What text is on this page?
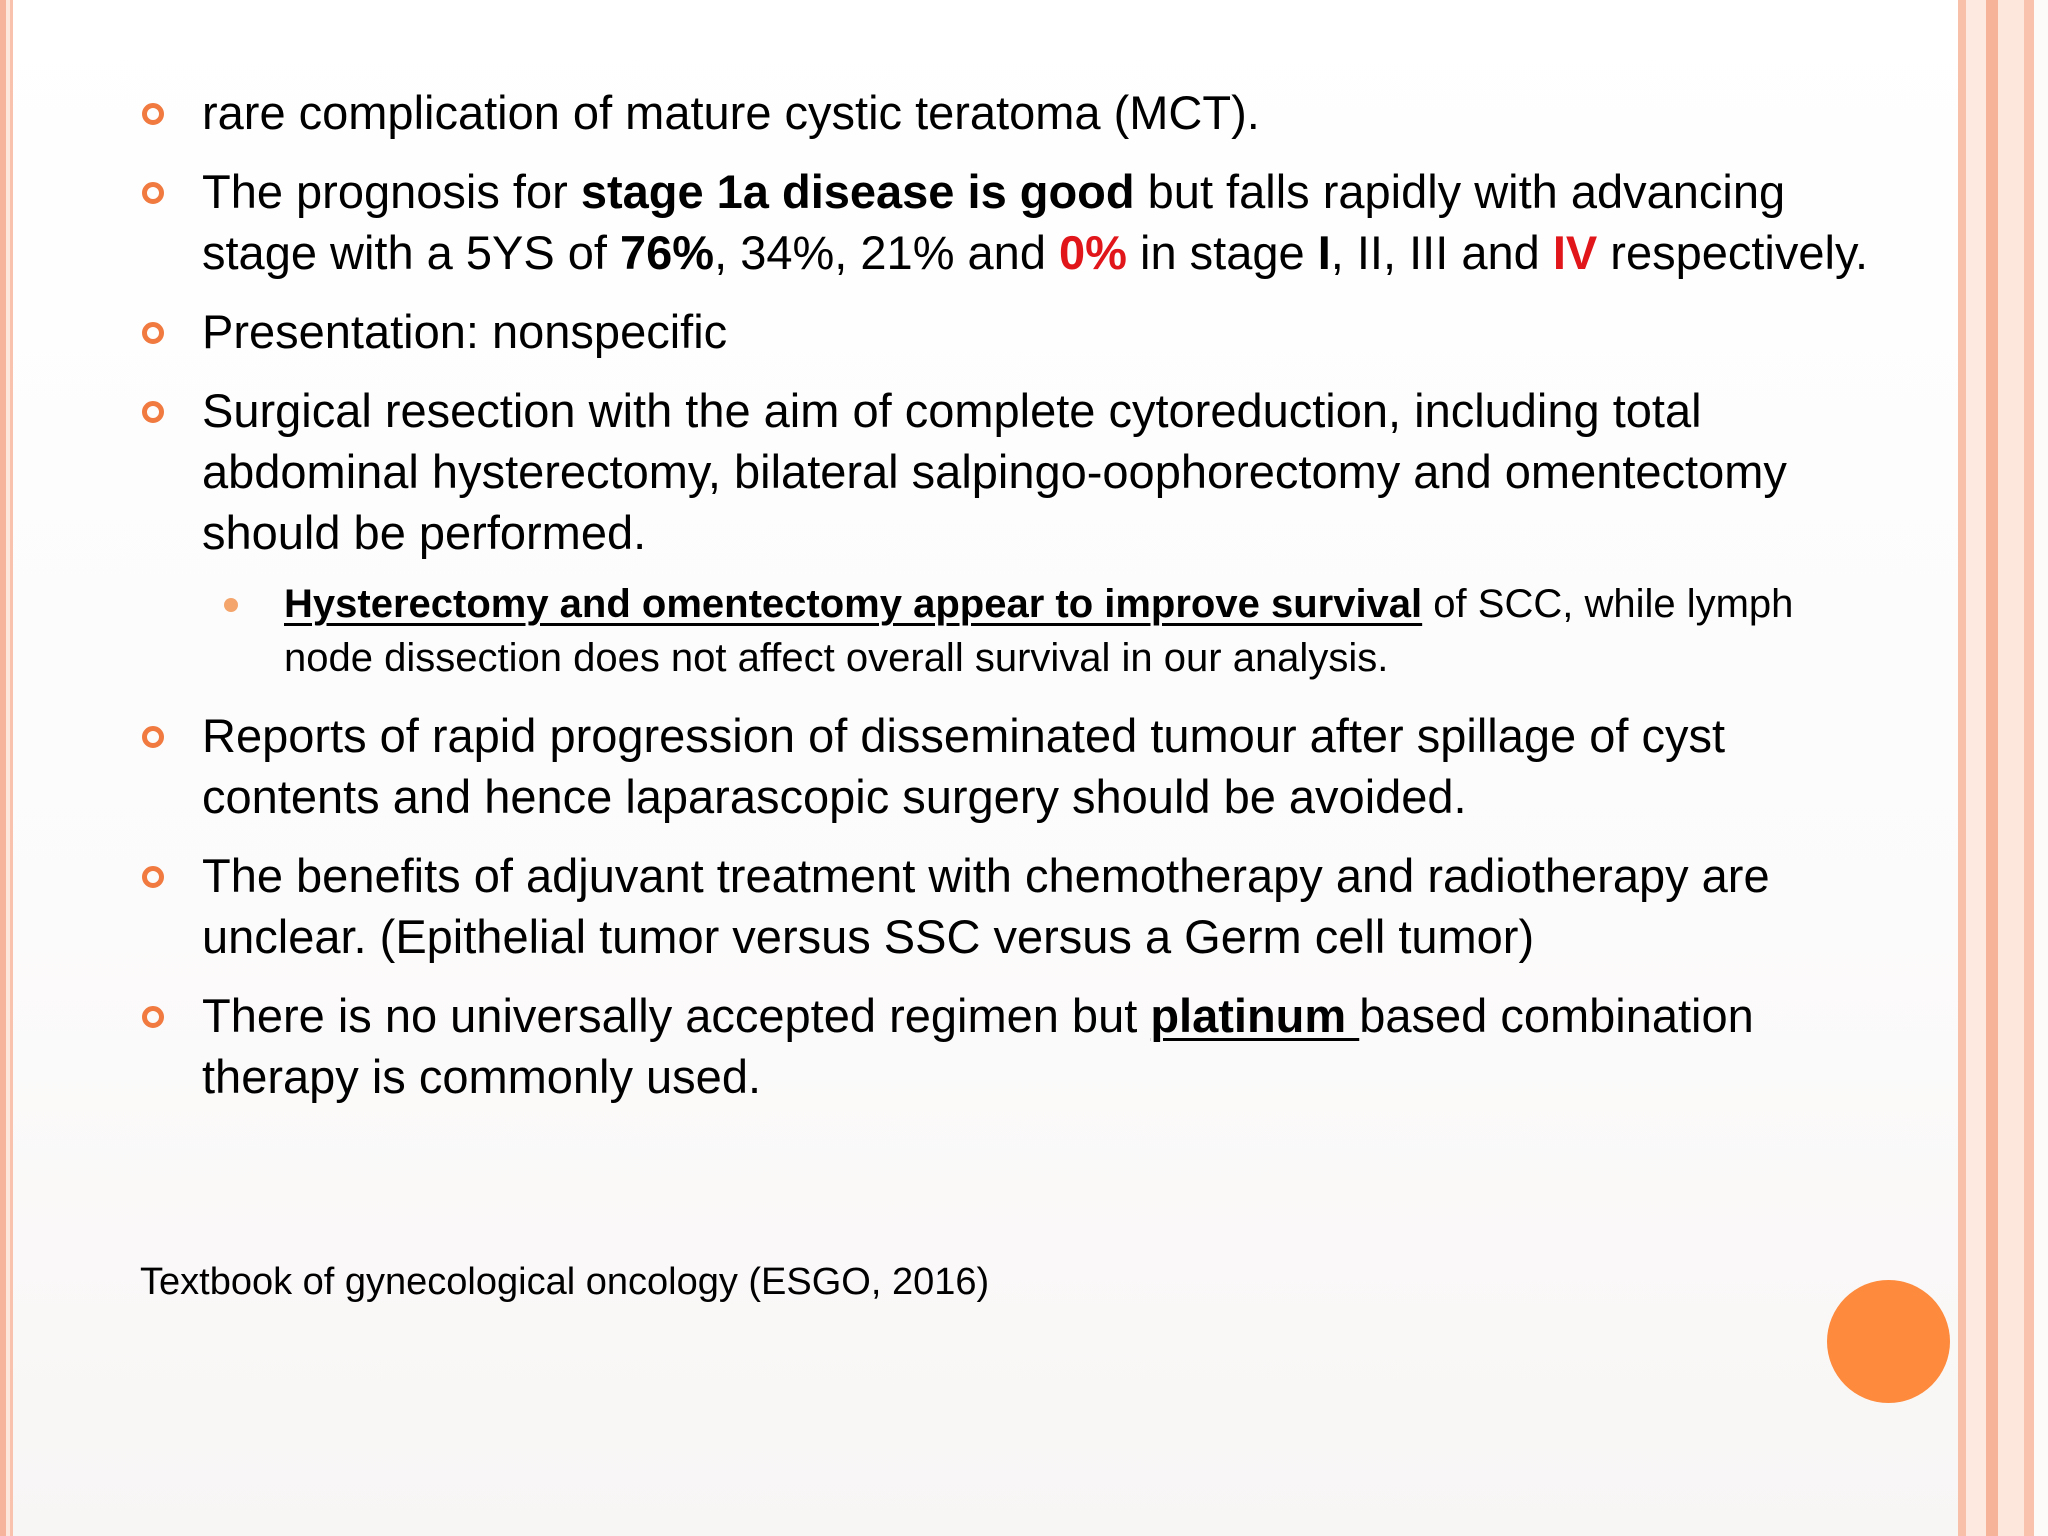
rare complication of mature cystic teratoma (MCT).
The prognosis for stage 1a disease is good but falls rapidly with advancing stage with a 5YS of 76%, 34%, 21% and 0% in stage I, II, III and IV respectively.
Presentation: nonspecific
Surgical resection with the aim of complete cytoreduction, including total abdominal hysterectomy, bilateral salpingo-oophorectomy and omentectomy should be performed.
Hysterectomy and omentectomy appear to improve survival of SCC, while lymph node dissection does not affect overall survival in our analysis.
Reports of rapid progression of disseminated tumour after spillage of cyst contents and hence laparascopic surgery should be avoided.
The benefits of adjuvant treatment with chemotherapy and radiotherapy are unclear. (Epithelial tumor versus SSC versus a Germ cell tumor)
There is no universally accepted regimen but platinum based combination therapy is commonly used.
Textbook of gynecological oncology (ESGO, 2016)
